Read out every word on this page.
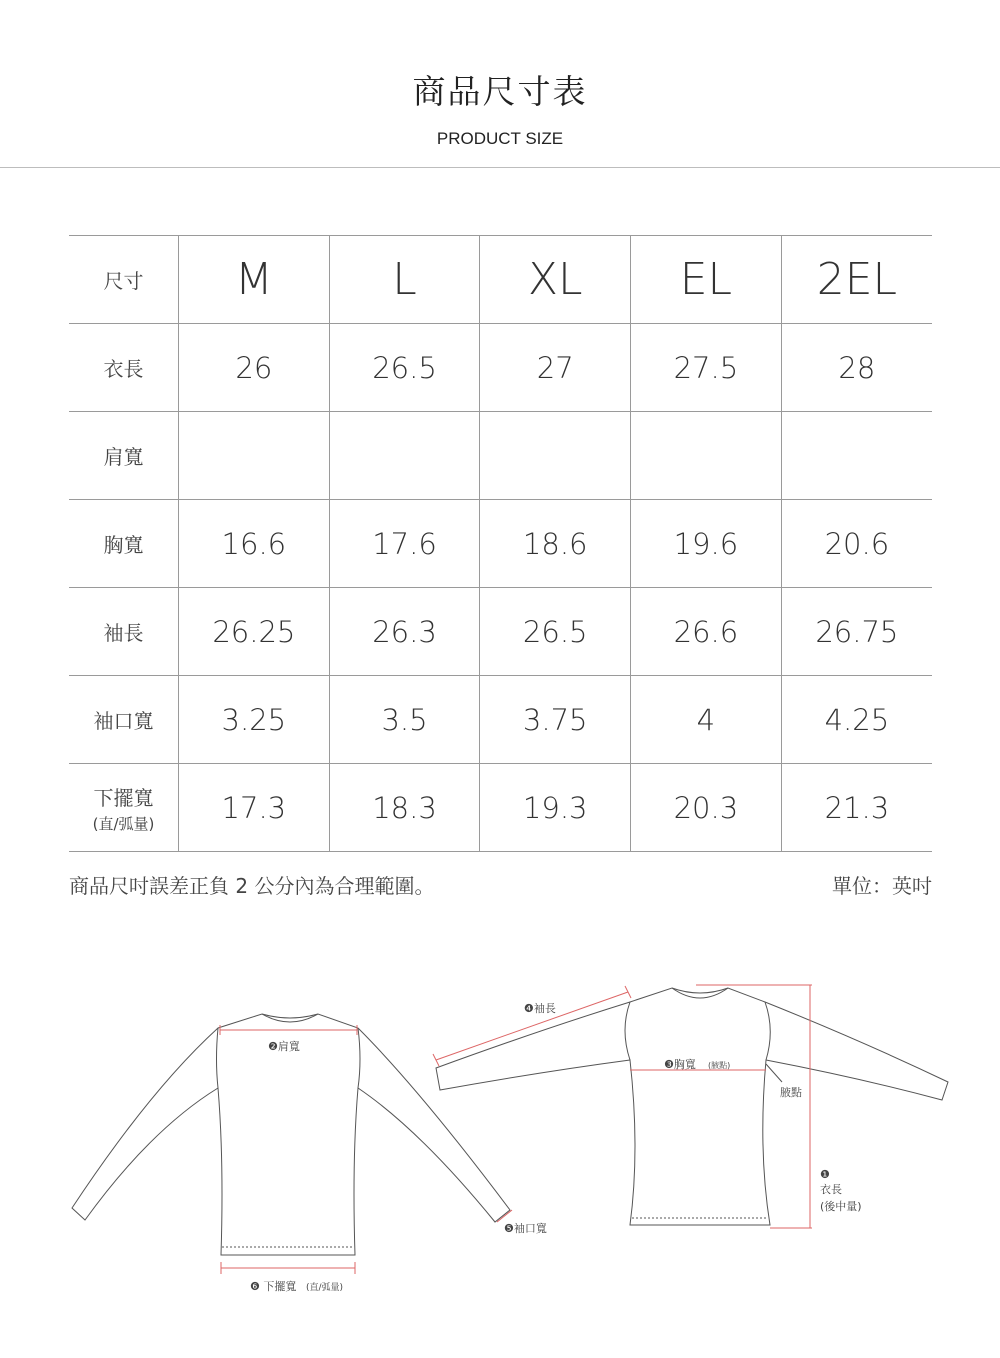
商品尺寸表
PRODUCT SIZE
尺寸	M	L	XL	EL	2EL

衣長	26	26.5	27	27.5	28

肩寬					

胸寬	16.6	17.6	18.6	19.6	20.6

袖長	26.25	26.3	26.5	26.6	26.75

袖口寬	3.25	3.5	3.75	4	4.25

下擺寬
(直/弧量)	17.3	18.3	19.3	20.3	21.3
商品尺吋誤差正負 2 公分內為合理範圍。	單位：英吋
❷肩寬
❺袖口寬
❻ 下擺寬 (直/弧量)
❹袖長
❸胸寬 (腋點)
腋點
❶
衣長
(後中量)
